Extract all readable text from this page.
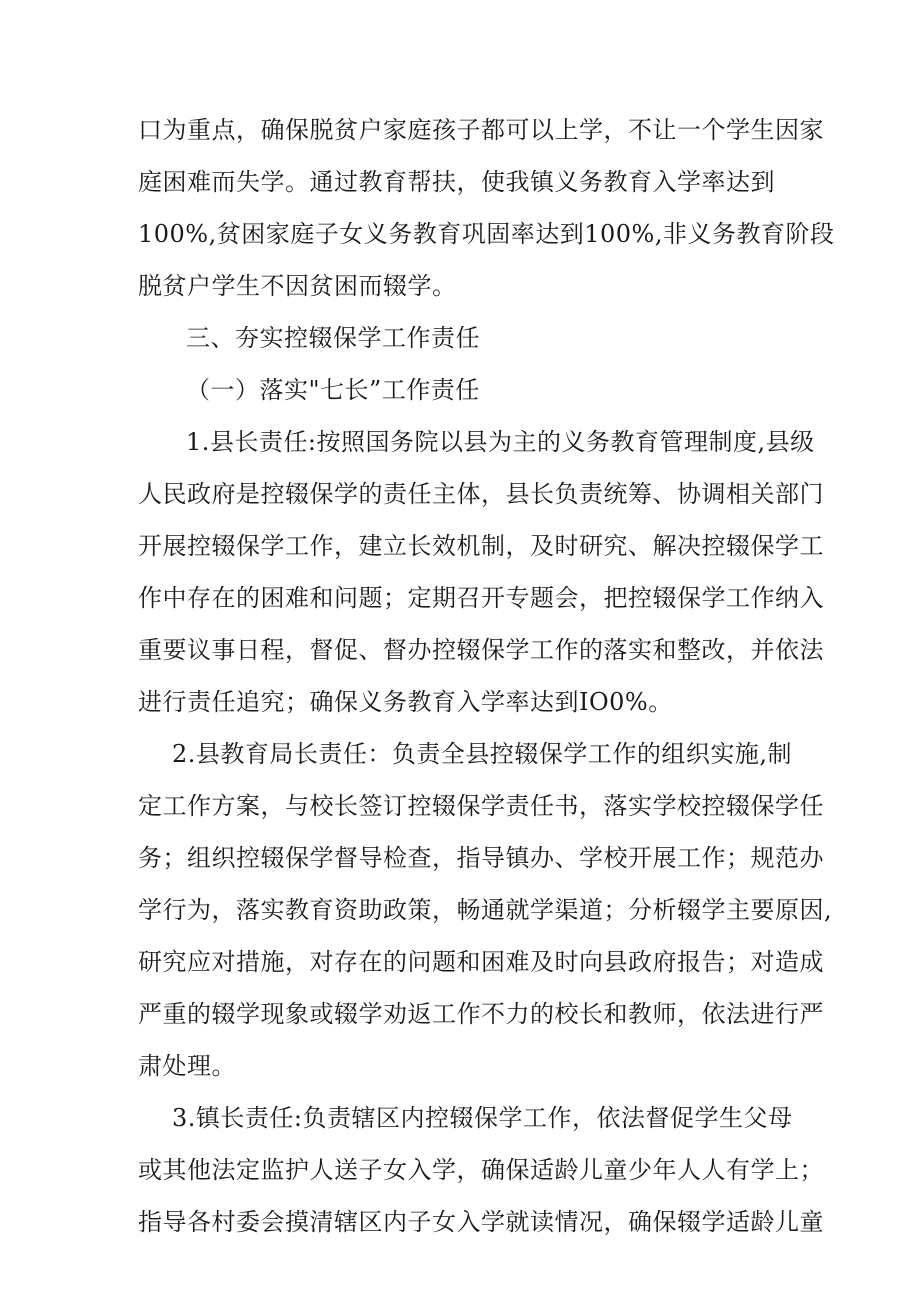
口为重点，确保脱贫户家庭孩子都可以上学，不让一个学生因家
庭困难而失学。通过教育帮扶，使我镇义务教育入学率达到
100%,贫困家庭子女义务教育巩固率达到100%,非义务教育阶段
脱贫户学生不因贫困而辍学。
三、夯实控辍保学工作责任
（一）落实"七长”工作责任
1.县长责任:按照国务院以县为主的义务教育管理制度,县级
人民政府是控辍保学的责任主体，县长负责统筹、协调相关部门
开展控辍保学工作，建立长效机制，及时研究、解决控辍保学工
作中存在的困难和问题；定期召开专题会，把控辍保学工作纳入
重要议事日程，督促、督办控辍保学工作的落实和整改，并依法
进行责任追究；确保义务教育入学率达到IO0%。
2.县教育局长责任：负责全县控辍保学工作的组织实施,制
定工作方案，与校长签订控辍保学责任书，落实学校控辍保学任
务；组织控辍保学督导检查，指导镇办、学校开展工作；规范办
学行为，落实教育资助政策，畅通就学渠道；分析辍学主要原因,
研究应对措施，对存在的问题和困难及时向县政府报告；对造成
严重的辍学现象或辍学劝返工作不力的校长和教师，依法进行严
肃处理。
3.镇长责任:负责辖区内控辍保学工作，依法督促学生父母
或其他法定监护人送子女入学，确保适龄儿童少年人人有学上；
指导各村委会摸清辖区内子女入学就读情况，确保辍学适龄儿童
